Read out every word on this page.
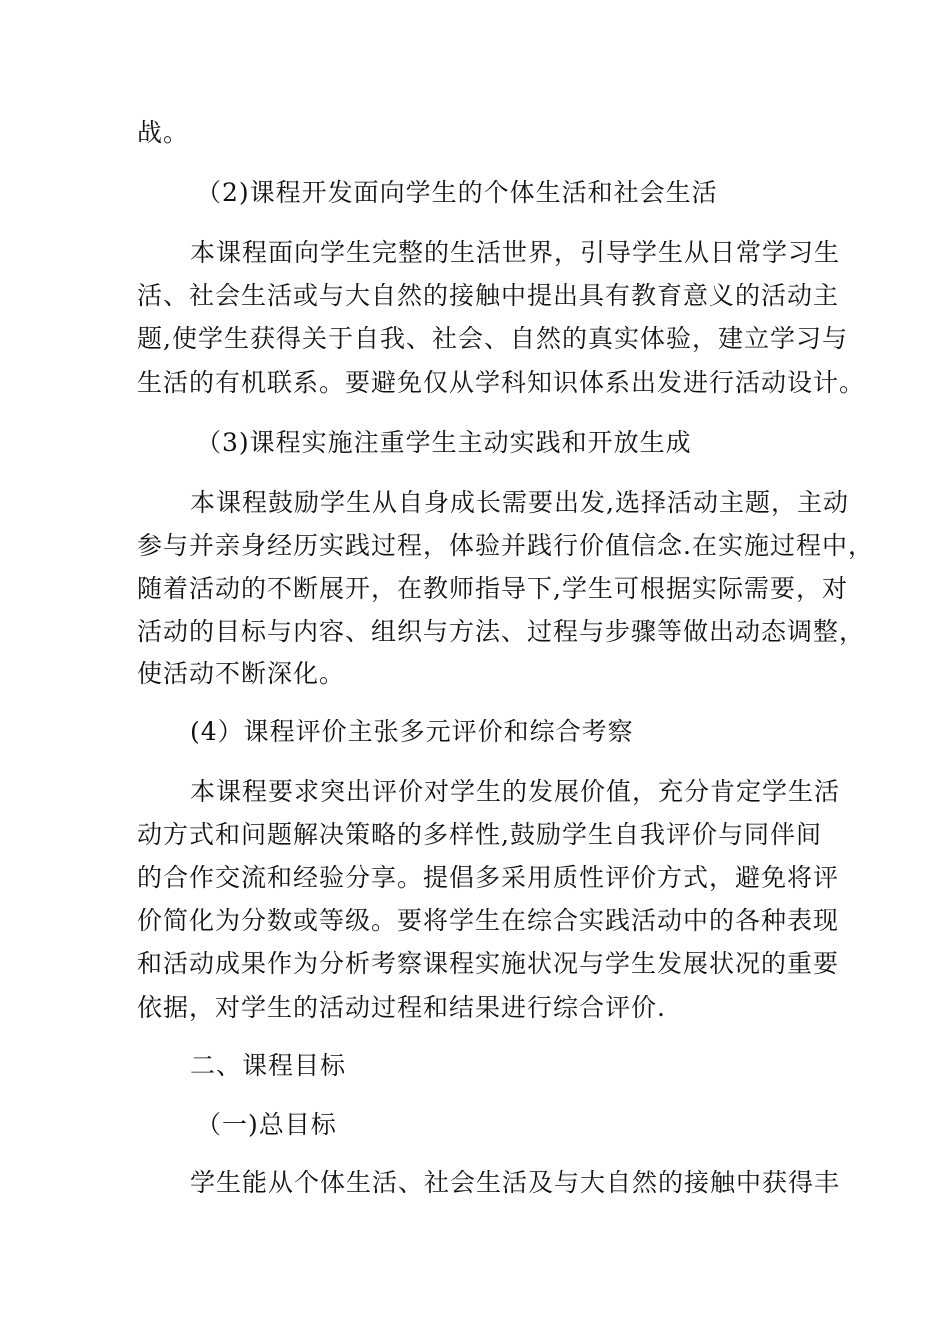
战。

（2)课程开发面向学生的个体生活和社会生活

本课程面向学生完整的生活世界，引导学生从日常学习生

活、社会生活或与大自然的接触中提出具有教育意义的活动主

题,使学生获得关于自我、社会、自然的真实体验，建立学习与

生活的有机联系。要避免仅从学科知识体系出发进行活动设计。

（3)课程实施注重学生主动实践和开放生成

本课程鼓励学生从自身成长需要出发,选择活动主题，主动

参与并亲身经历实践过程，体验并践行价值信念.在实施过程中，

随着活动的不断展开，在教师指导下,学生可根据实际需要，对

活动的目标与内容、组织与方法、过程与步骤等做出动态调整，

使活动不断深化。

(4）课程评价主张多元评价和综合考察

本课程要求突出评价对学生的发展价值，充分肯定学生活

动方式和问题解决策略的多样性,鼓励学生自我评价与同伴间

的合作交流和经验分享。提倡多采用质性评价方式，避免将评

价简化为分数或等级。要将学生在综合实践活动中的各种表现

和活动成果作为分析考察课程实施状况与学生发展状况的重要

依据，对学生的活动过程和结果进行综合评价.

二、课程目标

（一)总目标

学生能从个体生活、社会生活及与大自然的接触中获得丰
